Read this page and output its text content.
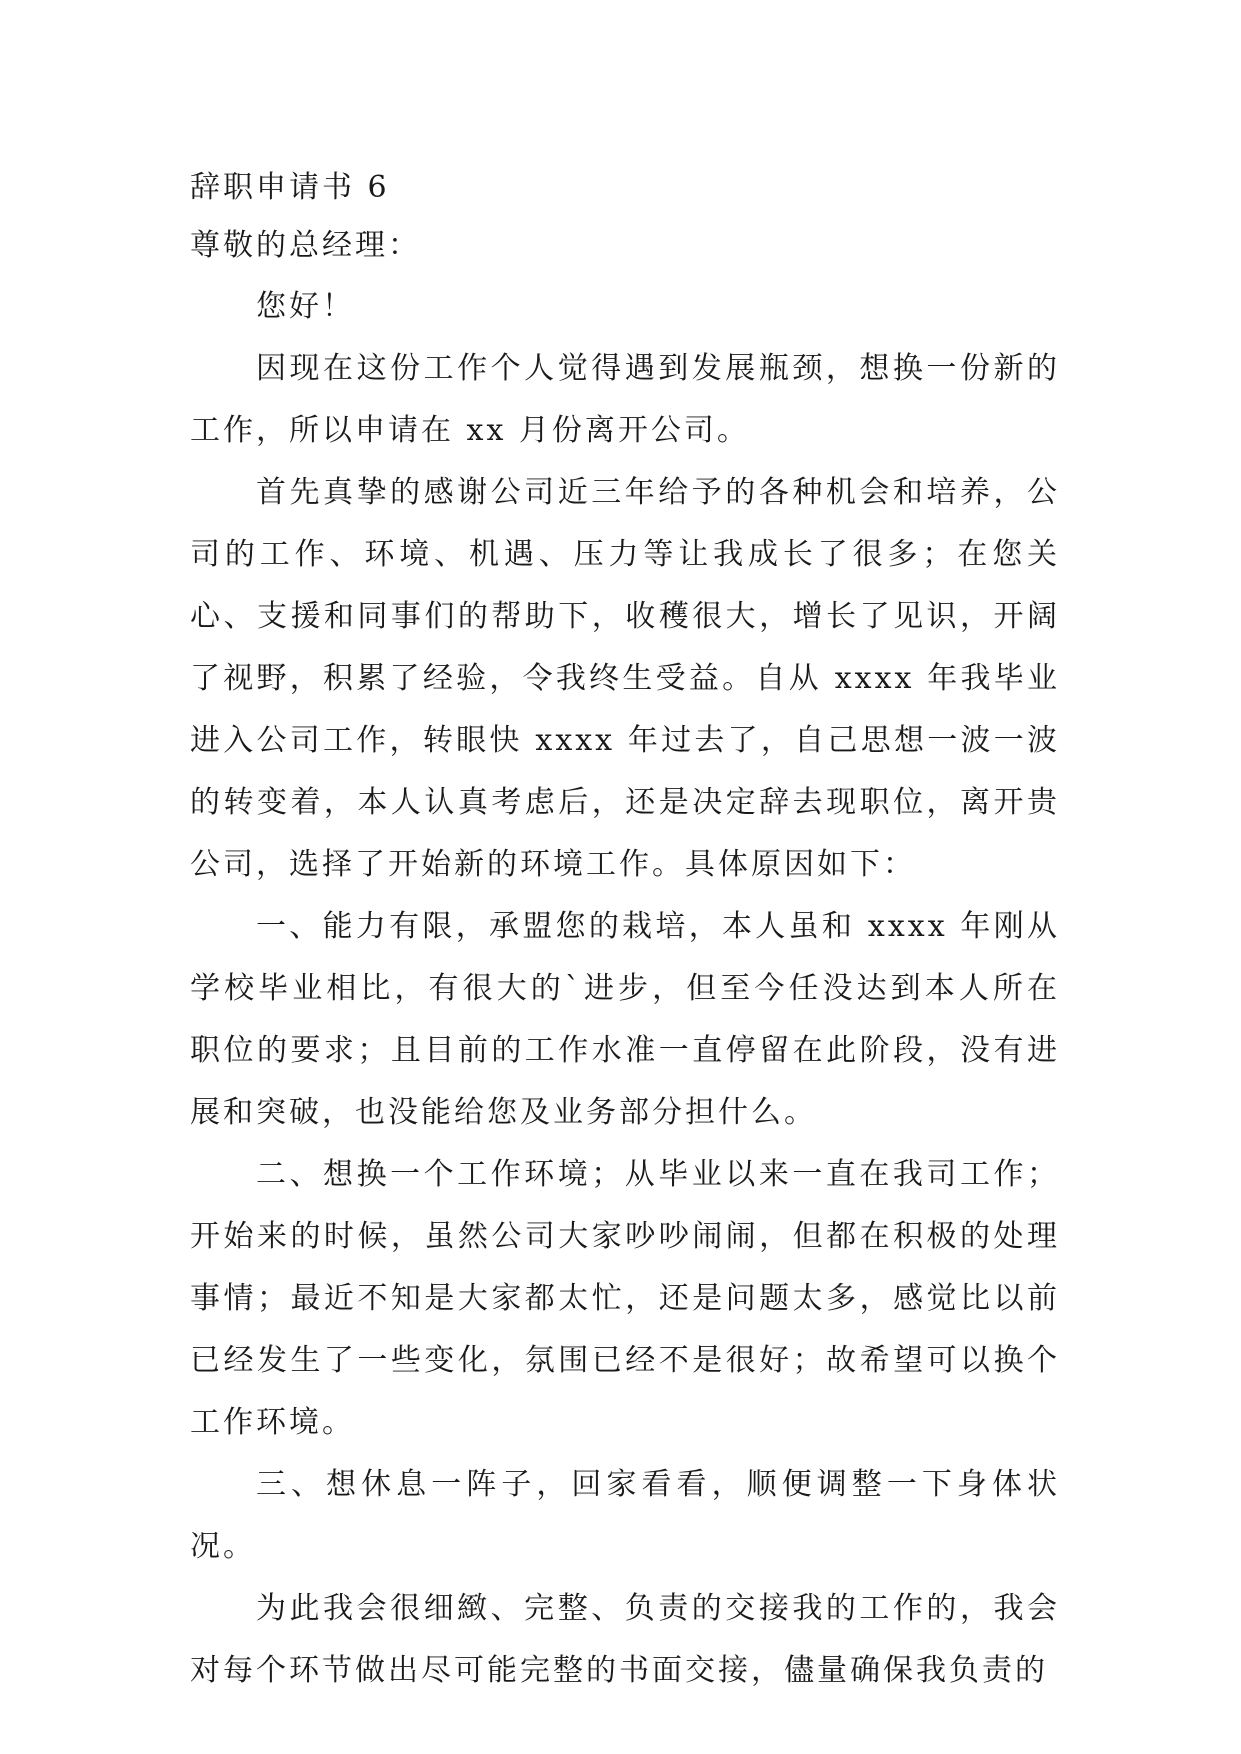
辞职申请书 6

尊敬的总经理：

您好！

因现在这份工作个人觉得遇到发展瓶颈，想换一份新的工作，所以申请在 xx 月份离开公司。

首先真挚的感谢公司近三年给予的各种机会和培养，公司的工作、环境、机遇、压力等让我成长了很多；在您关心、支援和同事们的帮助下，收穫很大，增长了见识，开阔了视野，积累了经验，令我终生受益。自从 xxxx 年我毕业进入公司工作，转眼快 xxxx 年过去了，自己思想一波一波的转变着，本人认真考虑后，还是决定辞去现职位，离开贵公司，选择了开始新的环境工作。具体原因如下：

一、能力有限，承盟您的栽培，本人虽和 xxxx 年刚从学校毕业相比，有很大的`进步，但至今任没达到本人所在职位的要求；且目前的工作水准一直停留在此阶段，没有进展和突破，也没能给您及业务部分担什么。

二、想换一个工作环境；从毕业以来一直在我司工作；开始来的时候，虽然公司大家吵吵闹闹，但都在积极的处理事情；最近不知是大家都太忙，还是问题太多，感觉比以前已经发生了一些变化，氛围已经不是很好；故希望可以换个工作环境。

三、想休息一阵子，回家看看，顺便调整一下身体状况。

为此我会很细緻、完整、负责的交接我的工作的，我会对每个环节做出尽可能完整的书面交接，儘量确保我负责的
